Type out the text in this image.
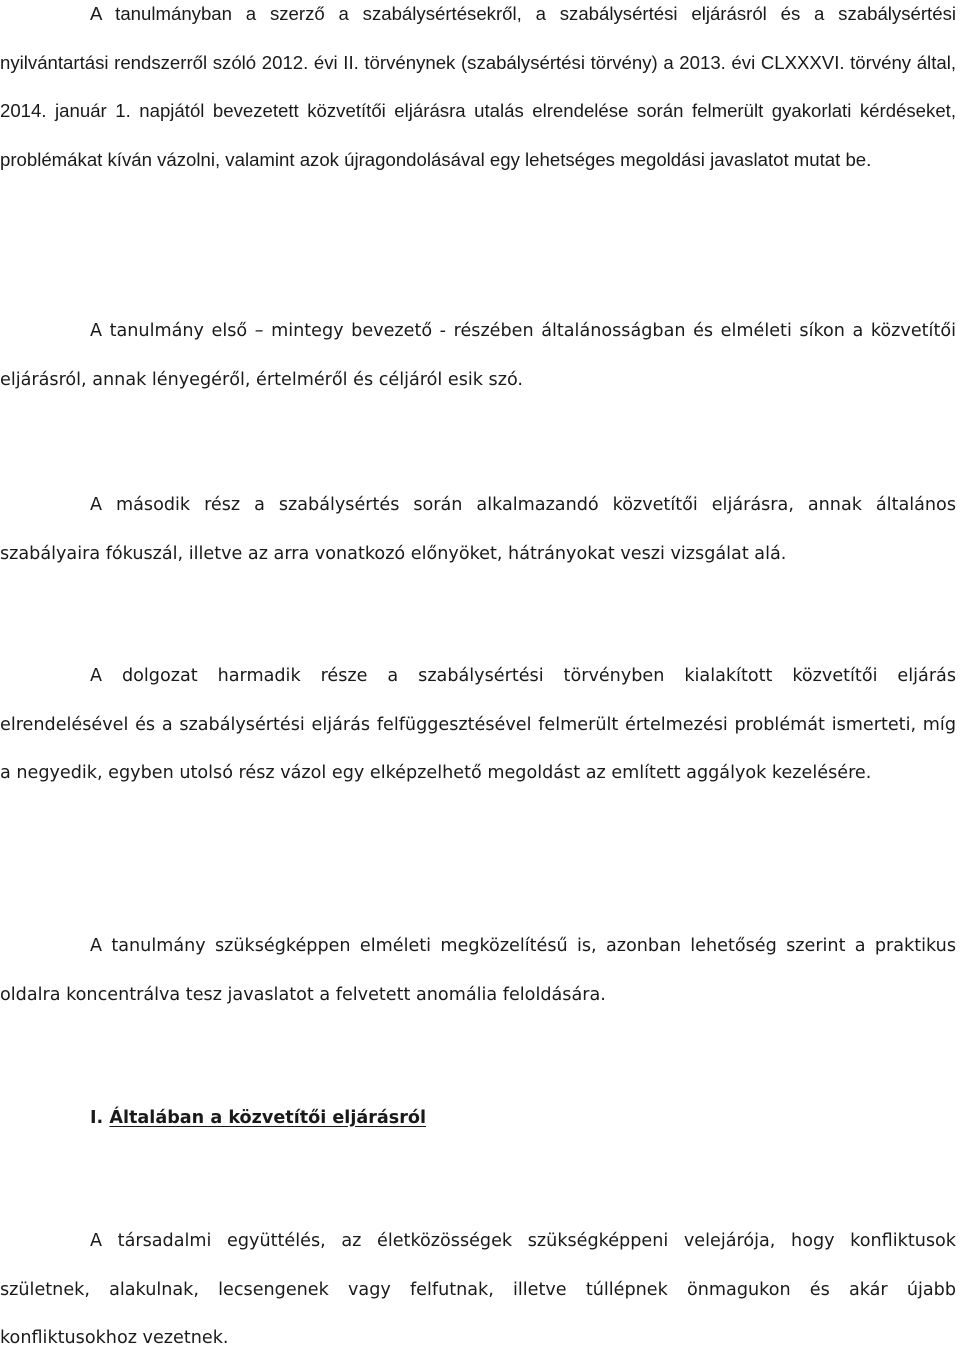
A tanulmányban a szerző a szabálysértésekről, a szabálysértési eljárásról és a szabálysértési nyilvántartási rendszerről szóló 2012. évi II. törvénynek (szabálysértési törvény) a 2013. évi CLXXXVI. törvény által, 2014. január 1. napjától bevezetett közvetítői eljárásra utalás elrendelése során felmerült gyakorlati kérdéseket, problémákat kíván vázolni, valamint azok újragondolásával egy lehetséges megoldási javaslatot mutat be.

A tanulmány első – mintegy bevezető - részében általánosságban és elméleti síkon a közvetítői eljárásról, annak lényegéről, értelméről és céljáról esik szó.

A második rész a szabálysértés során alkalmazandó közvetítői eljárásra, annak általános szabályaira fókuszál, illetve az arra vonatkozó előnyöket, hátrányokat veszi vizsgálat alá.

A dolgozat harmadik része a szabálysértési törvényben kialakított közvetítői eljárás elrendelésével és a szabálysértési eljárás felfüggesztésével felmerült értelmezési problémát ismerteti, míg a negyedik, egyben utolsó rész vázol egy elképzelhető megoldást az említett aggályok kezelésére.

A tanulmány szükségképpen elméleti megközelítésű is, azonban lehetőség szerint a praktikus oldalra koncentrálva tesz javaslatot a felvetett anomália feloldására.

I. Általában a közvetítői eljárásról

A társadalmi együttélés, az életközösségek szükségképpeni velejárója, hogy konfliktusok születnek, alakulnak, lecsengenek vagy felfutnak, illetve túllépnek önmagukon és akár újabb konfliktusokhoz vezetnek.
